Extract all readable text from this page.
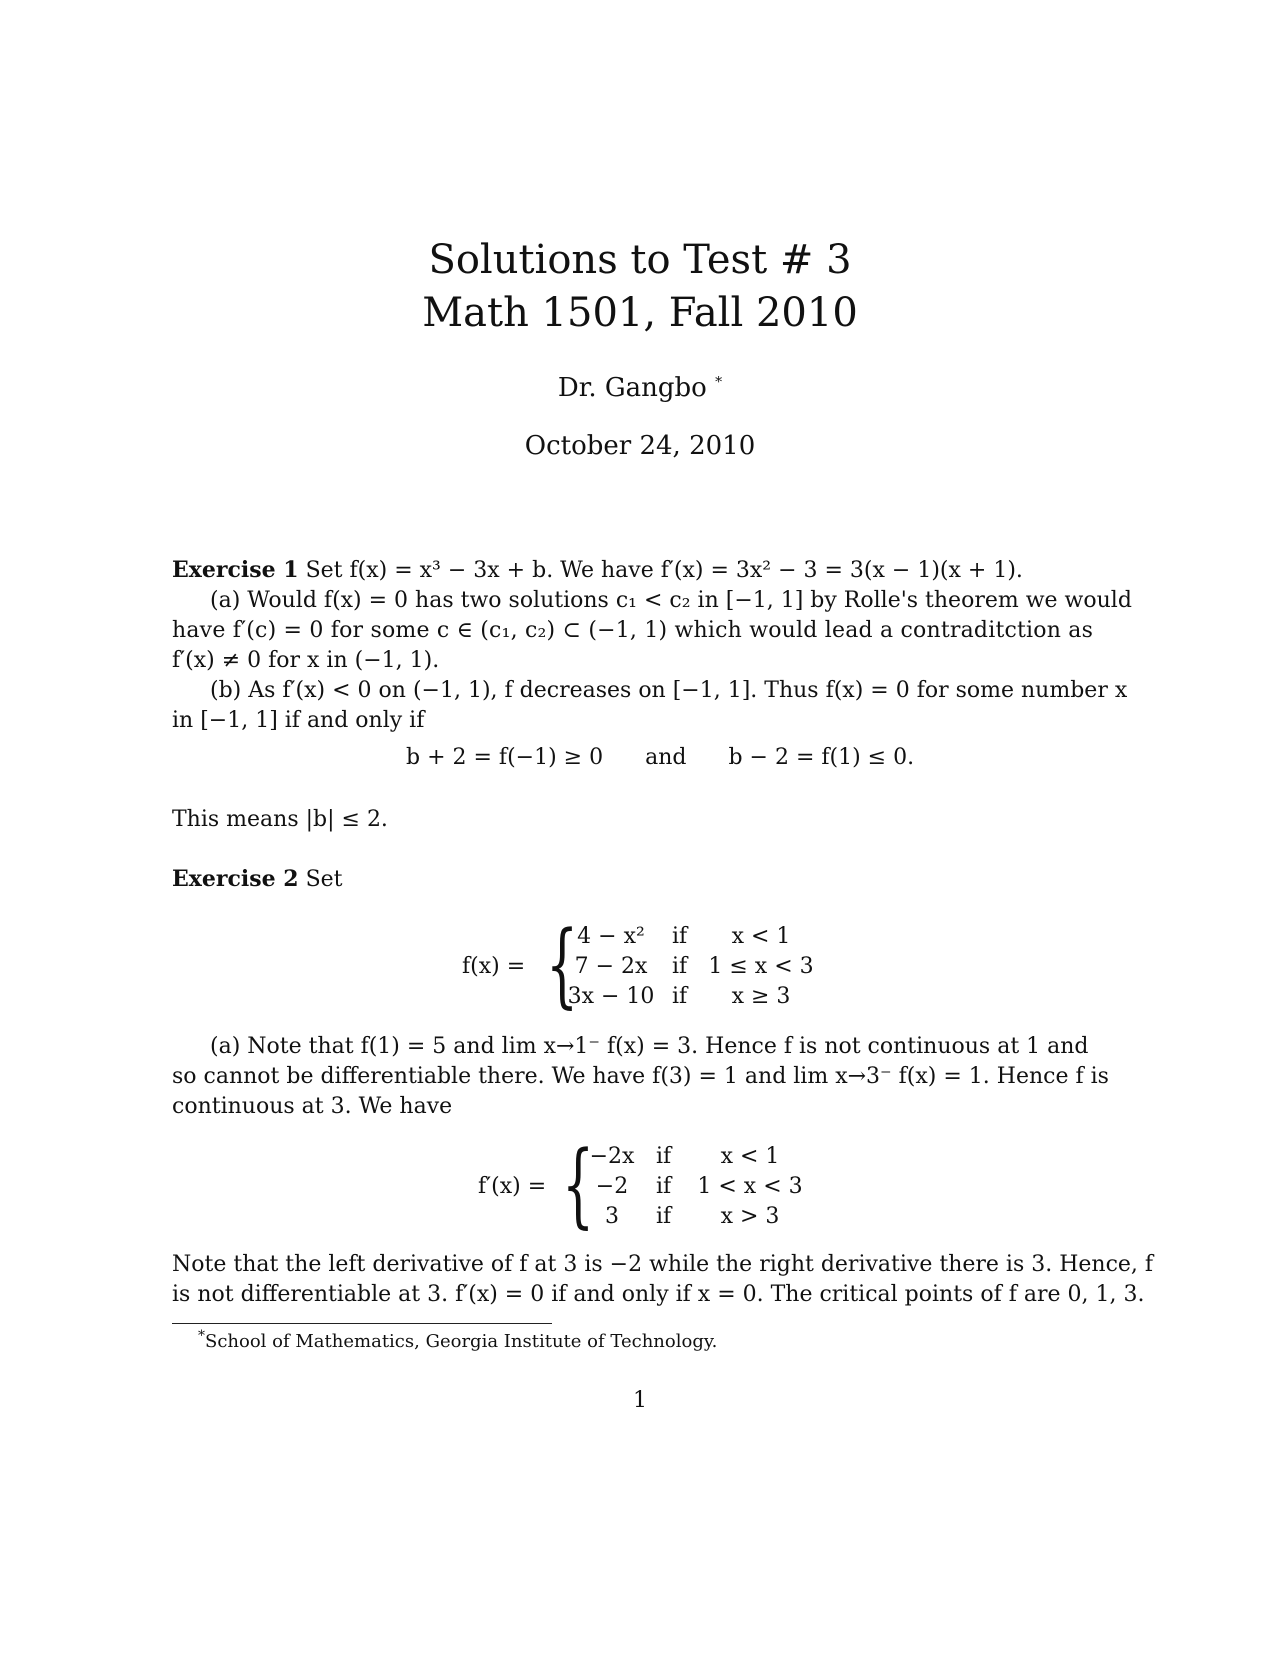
Solutions to Test # 3
Math 1501, Fall 2010
Dr. Gangbo *
October 24, 2010
Exercise 1 Set f(x) = x³ − 3x + b. We have f′(x) = 3x² − 3 = 3(x − 1)(x + 1).
(a) Would f(x) = 0 has two solutions c₁ < c₂ in [−1, 1] by Rolle's theorem we would
have f′(c) = 0 for some c ∈ (c₁, c₂) ⊂ (−1, 1) which would lead a contraditction as
f′(x) ≠ 0 for x in (−1, 1).
(b) As f′(x) < 0 on (−1, 1), f decreases on [−1, 1]. Thus f(x) = 0 for some number x
in [−1, 1] if and only if
b + 2 = f(−1) ≥ 0 and b − 2 = f(1) ≤ 0.
This means |b| ≤ 2.
Exercise 2 Set
f(x) = {
4 − x²
7 − 2x
3x − 10
if
if
if
x < 1
1 ≤ x < 3
x ≥ 3
(a) Note that f(1) = 5 and lim x→1⁻ f(x) = 3. Hence f is not continuous at 1 and
so cannot be differentiable there. We have f(3) = 1 and lim x→3⁻ f(x) = 1. Hence f is
continuous at 3. We have
f′(x) = {
−2x
−2
3
if
if
if
x < 1
1 < x < 3
x > 3
Note that the left derivative of f at 3 is −2 while the right derivative there is 3. Hence, f
is not differentiable at 3. f′(x) = 0 if and only if x = 0. The critical points of f are 0, 1, 3.
*School of Mathematics, Georgia Institute of Technology.
1
